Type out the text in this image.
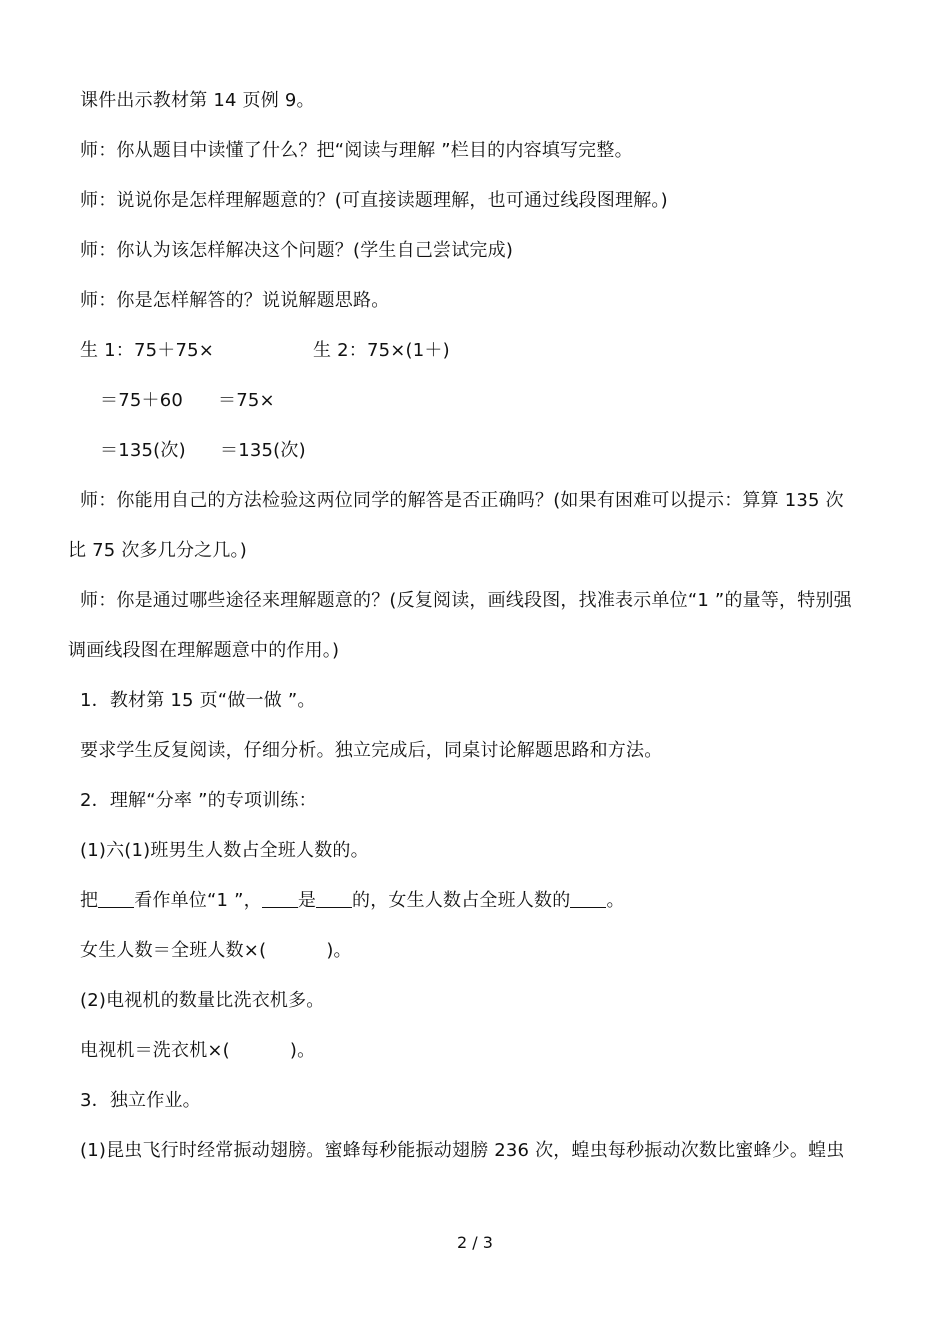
课件出示教材第 14 页例 9。
师：你从题目中读懂了什么？把“阅读与理解 ”栏目的内容填写完整。
师：说说你是怎样理解题意的？(可直接读题理解，也可通过线段图理解。)
师：你认为该怎样解决这个问题？(学生自己尝试完成)
师：你是怎样解答的？说说解题思路。
生 1：75＋75×	生 2：75×(1＋)
＝75＋60 ＝75×
＝135(次) ＝135(次)
师：你能用自己的方法检验这两位同学的解答是否正确吗？(如果有困难可以提示：算算 135 次
比 75 次多几分之几。)
师：你是通过哪些途径来理解题意的？(反复阅读，画线段图，找准表示单位“1 ”的量等，特别强
调画线段图在理解题意中的作用。)
1．教材第 15 页“做一做 ”。
要求学生反复阅读，仔细分析。独立完成后，同桌讨论解题思路和方法。
2．理解“分率 ”的专项训练：
(1)六(1)班男生人数占全班人数的。
把 看作单位“1 ”， 是 的，女生人数占全班人数的 。
女生人数＝全班人数×(	)。
(2)电视机的数量比洗衣机多。
电视机＝洗衣机×(	)。
3．独立作业。
(1)昆虫飞行时经常振动翅膀。蜜蜂每秒能振动翅膀 236 次，蝗虫每秒振动次数比蜜蜂少。蝗虫
2 / 3
